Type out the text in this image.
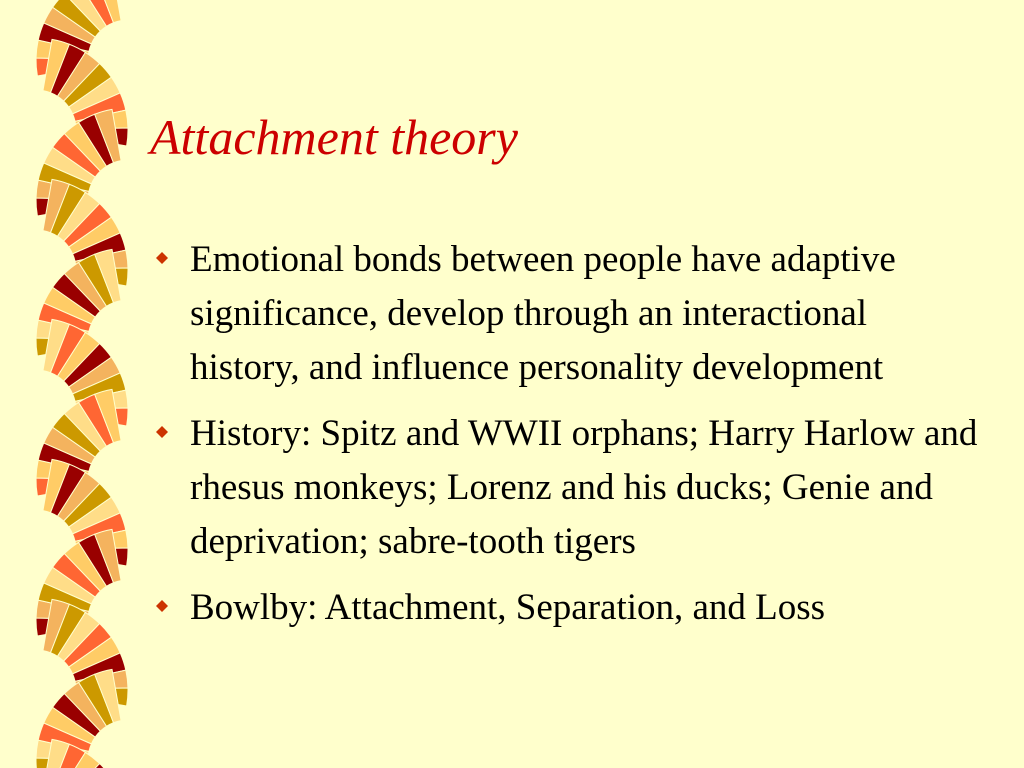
Attachment theory
Emotional bonds between people have adaptive significance, develop through an interactional history, and influence personality development
History: Spitz and WWII orphans; Harry Harlow and rhesus monkeys; Lorenz and his ducks; Genie and deprivation; sabre-tooth tigers
Bowlby: Attachment, Separation, and Loss
